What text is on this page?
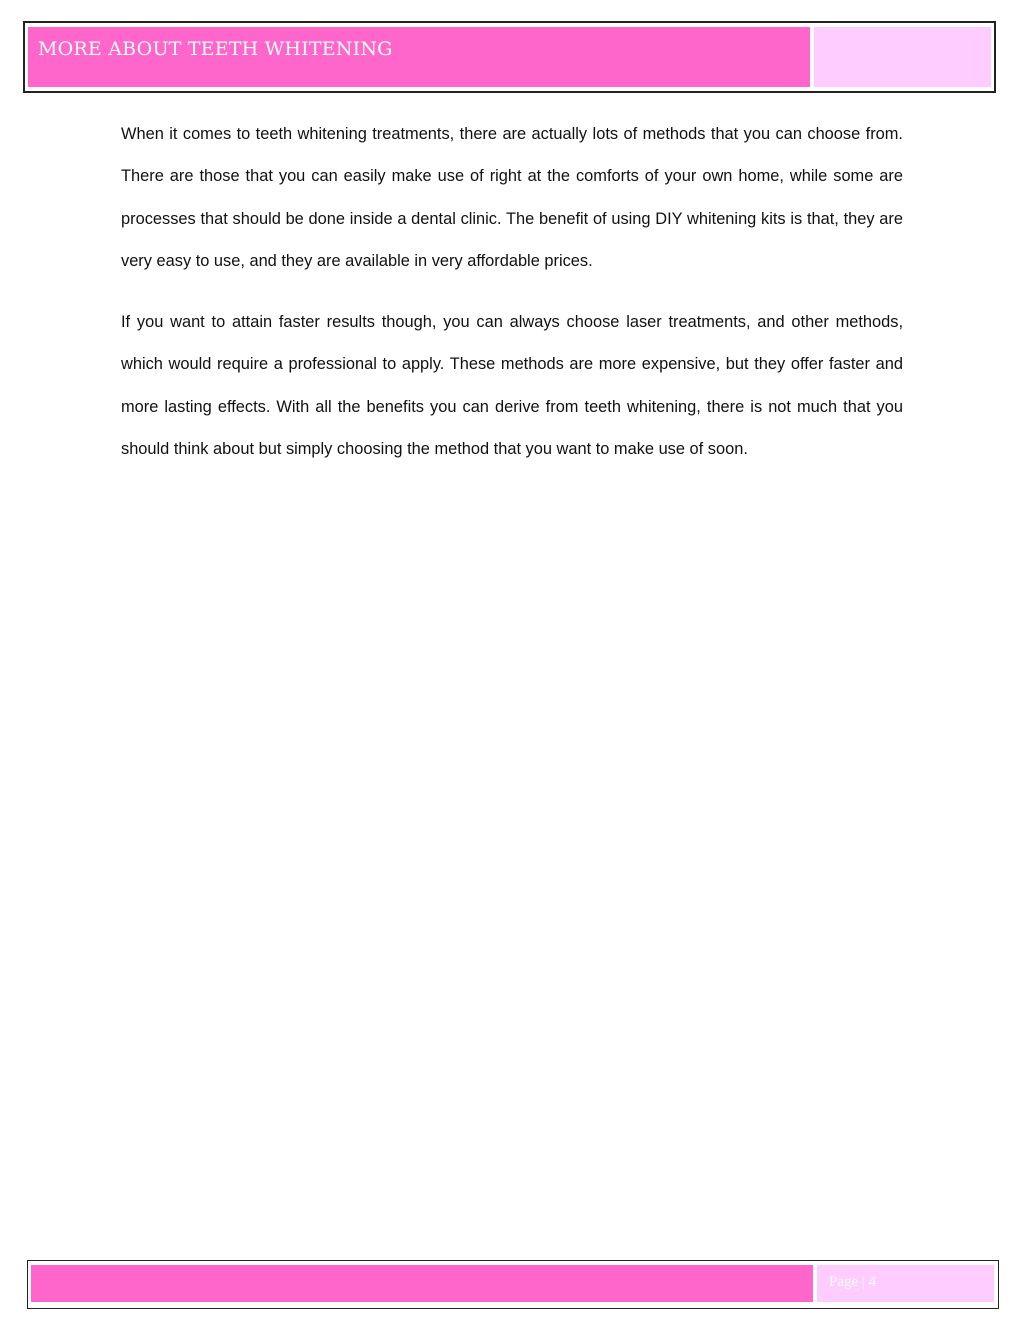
MORE ABOUT TEETH WHITENING

When it comes to teeth whitening treatments, there are actually lots of methods that you can choose from. There are those that you can easily make use of right at the comforts of your own home, while some are processes that should be done inside a dental clinic. The benefit of using DIY whitening kits is that, they are very easy to use, and they are available in very affordable prices.

If you want to attain faster results though, you can always choose laser treatments, and other methods, which would require a professional to apply. These methods are more expensive, but they offer faster and more lasting effects. With all the benefits you can derive from teeth whitening, there is not much that you should think about but simply choosing the method that you want to make use of soon.

Page | 4
